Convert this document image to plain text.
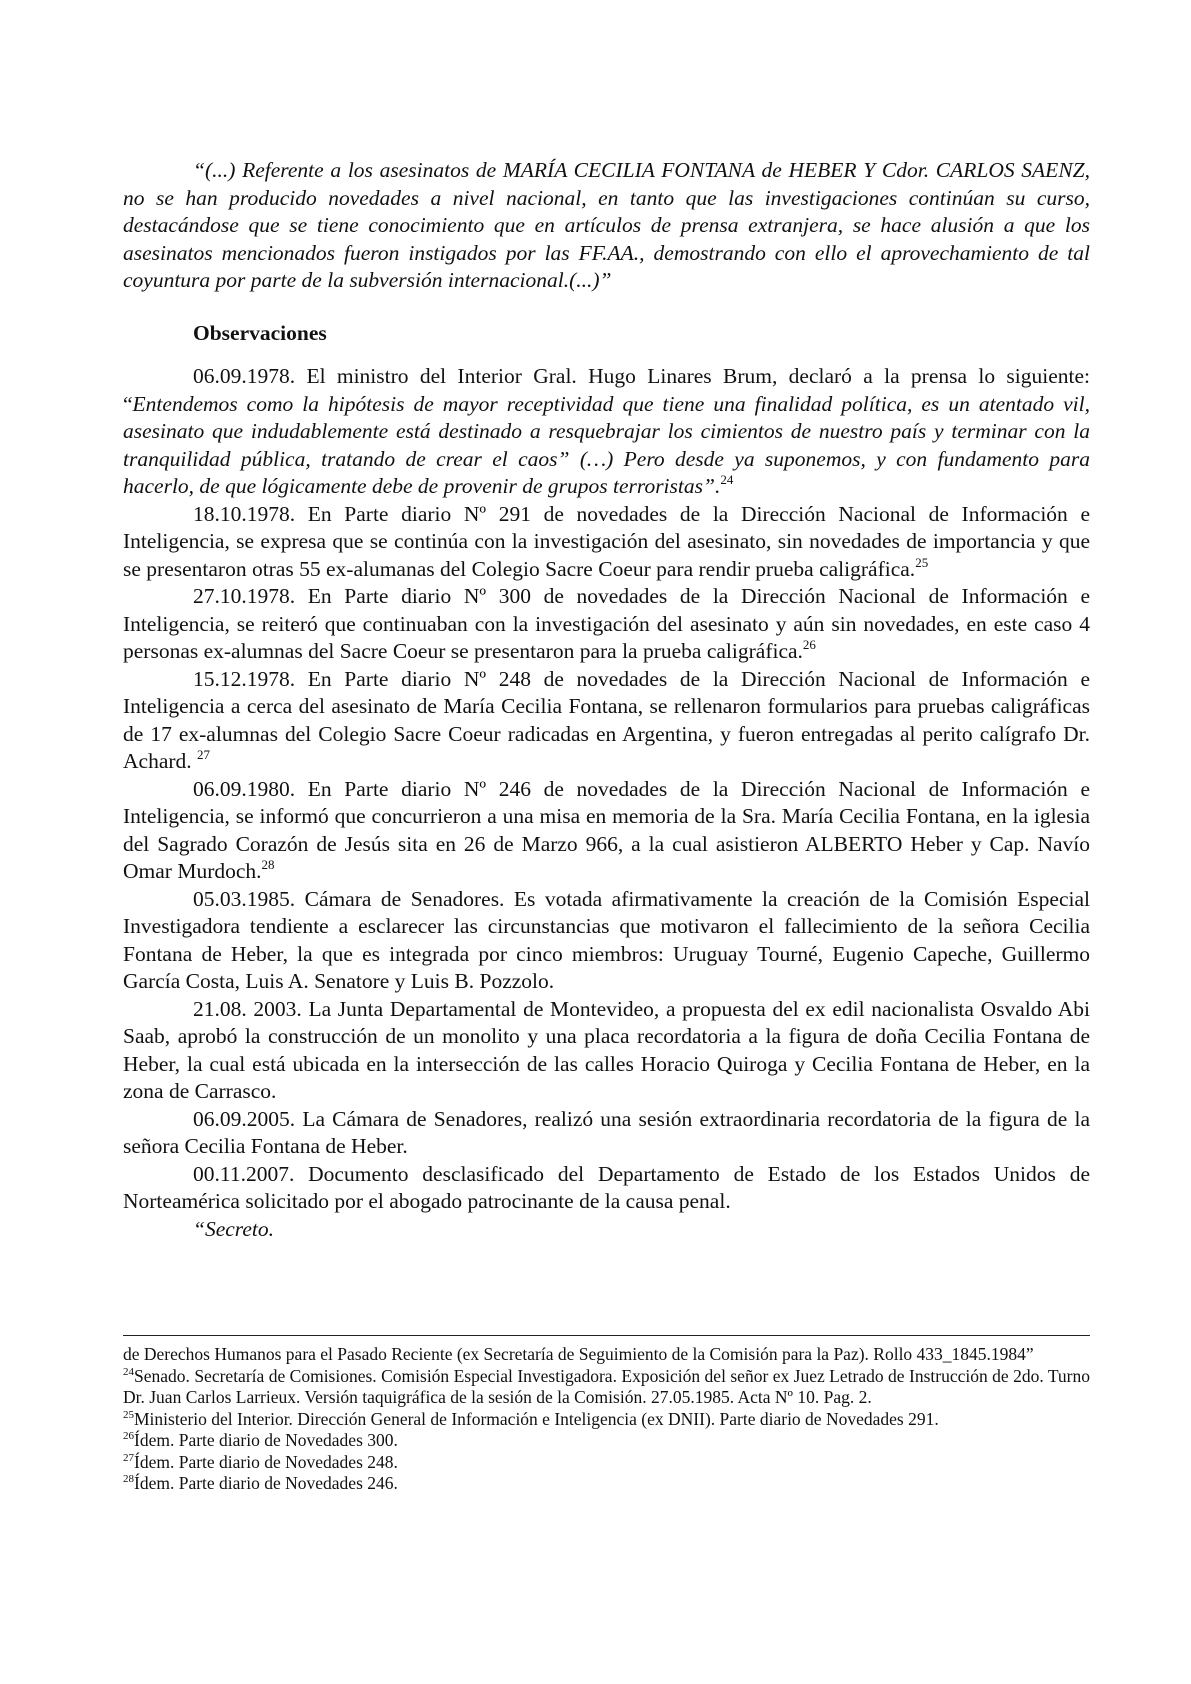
“(...) Referente a los asesinatos de MARÍA CECILIA FONTANA de HEBER Y Cdor. CARLOS SAENZ, no se han producido novedades a nivel nacional, en tanto que las investigaciones continúan su curso, destacándose que se tiene conocimiento que en artículos de prensa extranjera, se hace alusión a que los asesinatos mencionados fueron instigados por las FF.AA., demostrando con ello el aprovechamiento de tal coyuntura por parte de la subversión internacional.(...)”

Observaciones

06.09.1978. El ministro del Interior Gral. Hugo Linares Brum, declaró a la prensa lo siguiente: “Entendemos como la hipótesis de mayor receptividad que tiene una finalidad política, es un atentado vil, asesinato que indudablemente está destinado a resquebrajar los cimientos de nuestro país y terminar con la tranquilidad pública, tratando de crear el caos” (…) Pero desde ya suponemos, y con fundamento para hacerlo, de que lógicamente debe de provenir de grupos terroristas”.$^{24}$

18.10.1978. En Parte diario Nº 291 de novedades de la Dirección Nacional de Información e Inteligencia, se expresa que se continúa con la investigación del asesinato, sin novedades de importancia y que se presentaron otras 55 ex-alumanas del Colegio Sacre Coeur para rendir prueba caligráfica.$^{25}$

27.10.1978. En Parte diario Nº 300 de novedades de la Dirección Nacional de Información e Inteligencia, se reiteró que continuaban con la investigación del asesinato y aún sin novedades, en este caso 4 personas ex-alumnas del Sacre Coeur se presentaron para la prueba caligráfica.$^{26}$

15.12.1978. En Parte diario Nº 248 de novedades de la Dirección Nacional de Información e Inteligencia a cerca del asesinato de María Cecilia Fontana, se rellenaron formularios para pruebas caligráficas de 17 ex-alumnas del Colegio Sacre Coeur radicadas en Argentina, y fueron entregadas al perito calígrafo Dr. Achard. $^{27}$

06.09.1980. En Parte diario Nº 246 de novedades de la Dirección Nacional de Información e Inteligencia, se informó que concurrieron a una misa en memoria de la Sra. María Cecilia Fontana, en la iglesia del Sagrado Corazón de Jesús sita en 26 de Marzo 966, a la cual asistieron ALBERTO Heber y Cap. Navío Omar Murdoch.$^{28}$

05.03.1985. Cámara de Senadores. Es votada afirmativamente la creación de la Comisión Especial Investigadora tendiente a esclarecer las circunstancias que motivaron el fallecimiento de la señora Cecilia Fontana de Heber, la que es integrada por cinco miembros: Uruguay Tourné, Eugenio Capeche, Guillermo García Costa, Luis A. Senatore y Luis B. Pozzolo.

21.08. 2003. La Junta Departamental de Montevideo, a propuesta del ex edil nacionalista Osvaldo Abi Saab, aprobó la construcción de un monolito y una placa recordatoria a la figura de doña Cecilia Fontana de Heber, la cual está ubicada en la intersección de las calles Horacio Quiroga y Cecilia Fontana de Heber, en la zona de Carrasco.

06.09.2005. La Cámara de Senadores, realizó una sesión extraordinaria recordatoria de la figura de la señora Cecilia Fontana de Heber.

00.11.2007. Documento desclasificado del Departamento de Estado de los Estados Unidos de Norteamérica solicitado por el abogado patrocinante de la causa penal.

“Secreto.

de Derechos Humanos para el Pasado Reciente (ex Secretaría de Seguimiento de la Comisión para la Paz). Rollo 433_1845.1984”

$^{24}$Senado. Secretaría de Comisiones. Comisión Especial Investigadora. Exposición del señor ex Juez Letrado de Instrucción de 2do. Turno Dr. Juan Carlos Larrieux. Versión taquigráfica de la sesión de la Comisión. 27.05.1985. Acta Nº 10. Pag. 2.

$^{25}$Ministerio del Interior. Dirección General de Información e Inteligencia (ex DNII). Parte diario de Novedades 291.

$^{26}$Ídem. Parte diario de Novedades 300.

$^{27}$Ídem. Parte diario de Novedades 248.

$^{28}$Ídem. Parte diario de Novedades 246.
